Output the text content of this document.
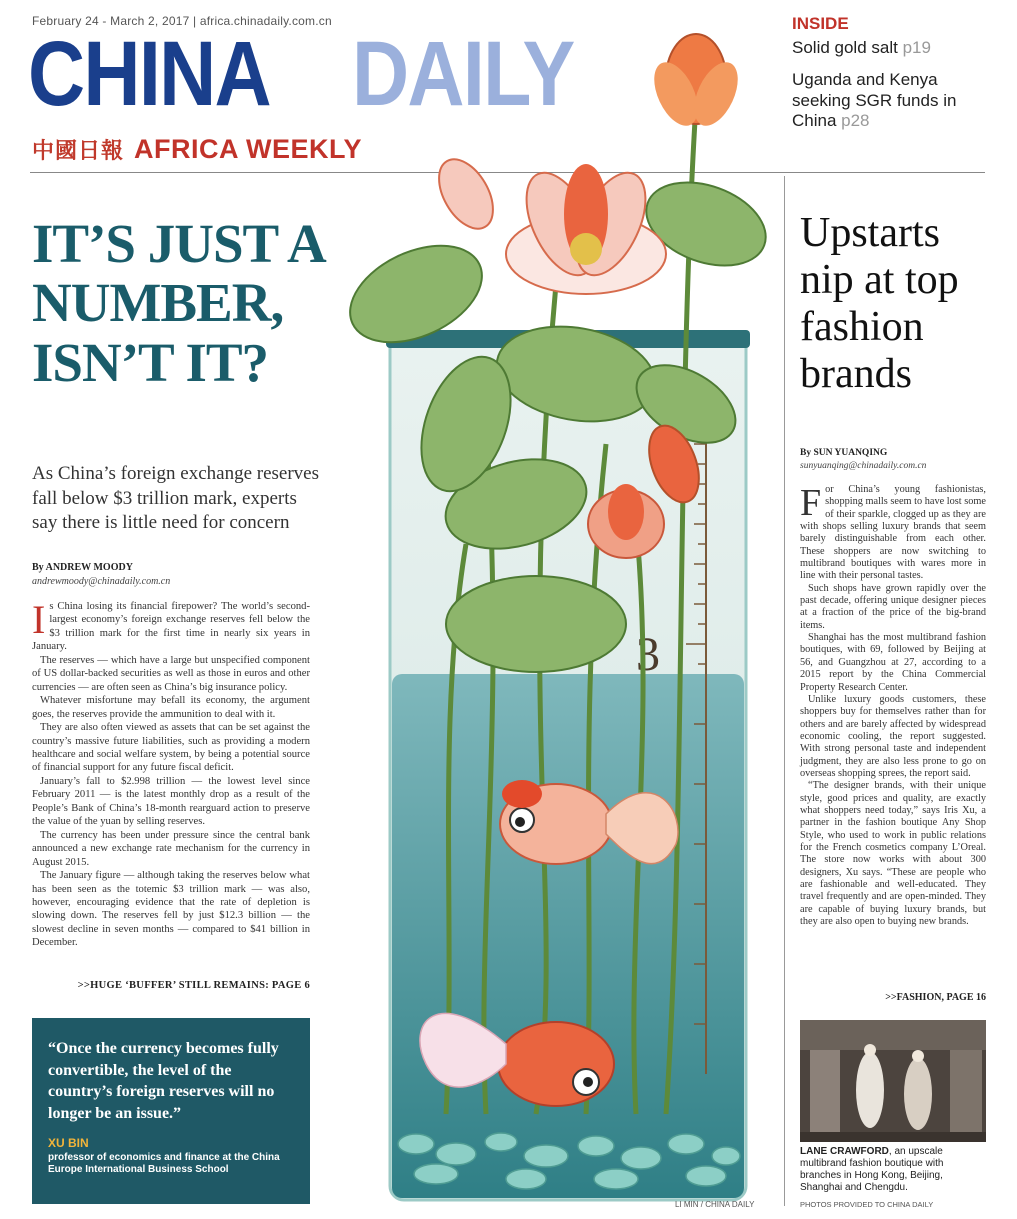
February 24 - March 2, 2017 | africa.chinadaily.com.cn
CHINA DAILY
中國日報 AFRICA WEEKLY
INSIDE
Solid gold salt p19
Uganda and Kenya seeking SGR funds in China p28
IT’S JUST A
NUMBER,
ISN’T IT?
As China’s foreign exchange reserves
fall below $3 trillion mark, experts
say there is little need for concern
By ANDREW MOODY
andrewmoody@chinadaily.com.cn

Is China losing its financial firepower? The world’s second-largest economy’s foreign exchange reserves fell below the $3 trillion mark for the first time in nearly six years in January.

The reserves — which have a large but unspecified component of US dollar-backed securities as well as those in euros and other currencies — are often seen as China’s big insurance policy.

Whatever misfortune may befall its economy, the argument goes, the reserves provide the ammunition to deal with it.

They are also often viewed as assets that can be set against the country’s massive future liabilities, such as providing a modern healthcare and social welfare system, by being a potential source of financial support for any future fiscal deficit.

January’s fall to $2.998 trillion — the lowest level since February 2011 — is the latest monthly drop as a result of the People’s Bank of China’s 18-month rearguard action to preserve the value of the yuan by selling reserves.

The currency has been under pressure since the central bank announced a new exchange rate mechanism for the currency in August 2015.

The January figure — although taking the reserves below what has been seen as the totemic $3 trillion mark — was also, however, encouraging evidence that the rate of depletion is slowing down. The reserves fell by just $12.3 billion — the slowest decline in seven months — compared to $41 billion in December.

>>HUGE ‘BUFFER’ STILL REMAINS: PAGE 6
“Once the currency becomes fully convertible, the level of the country’s foreign reserves will no longer be an issue.”
XU BIN
professor of economics and finance at the China Europe International Business School
3
LI MIN / CHINA DAILY
Upstarts nip at top fashion brands
By SUN YUANQING
sunyuanqing@chinadaily.com.cn

For China’s young fashionistas, shopping malls seem to have lost some of their sparkle, clogged up as they are with shops selling luxury brands that seem barely distinguishable from each other. These shoppers are now switching to multibrand boutiques with wares more in line with their personal tastes.

Such shops have grown rapidly over the past decade, offering unique designer pieces at a fraction of the price of the big-brand items.

Shanghai has the most multibrand fashion boutiques, with 69, followed by Beijing at 56, and Guangzhou at 27, according to a 2015 report by the China Commercial Property Research Center.

Unlike luxury goods customers, these shoppers buy for themselves rather than for others and are barely affected by widespread economic cooling, the report suggested. With strong personal taste and independent judgment, they are also less prone to go on overseas shopping sprees, the report said.

“The designer brands, with their unique style, good prices and quality, are exactly what shoppers need today,” says Iris Xu, a partner in the fashion boutique Any Shop Style, who used to work in public relations for the French cosmetics company L’Oreal. The store now works with about 300 designers, Xu says. “These are people who are fashionable and well-educated. They travel frequently and are open-minded. They are capable of buying luxury brands, but they are also open to buying new brands.

>>FASHION, PAGE 16
LANE CRAWFORD, an upscale multibrand fashion boutique with branches in Hong Kong, Beijing, Shanghai and Chengdu.
PHOTOS PROVIDED TO CHINA DAILY
